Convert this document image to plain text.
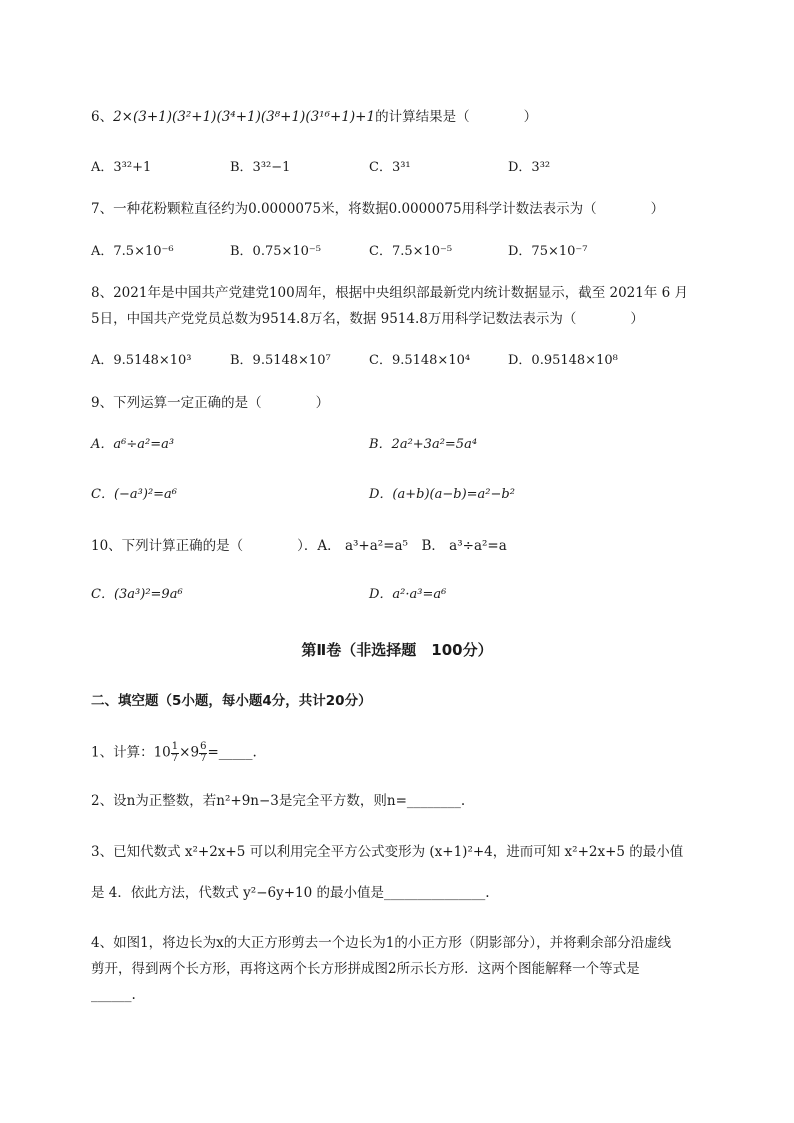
6、2×(3+1)(3²+1)(3⁴+1)(3⁸+1)(3¹⁶+1)+1的计算结果是（　　　　）
A．3³²+1	B．3³²−1	C．3³¹	D．3³²
7、一种花粉颗粒直径约为0.0000075米，将数据0.0000075用科学计数法表示为（　　　　）
A．7.5×10⁻⁶	B．0.75×10⁻⁵	C．7.5×10⁻⁵	D．75×10⁻⁷
8、2021年是中国共产党建党100周年，根据中央组织部最新党内统计数据显示，截至 2021年 6 月
5日，中国共产党党员总数为9514.8万名，数据 9514.8万用科学记数法表示为（　　　　）
A．9.5148×10³	B．9.5148×10⁷	C．9.5148×10⁴	D．0.95148×10⁸
9、下列运算一定正确的是（　　　　）
A．a⁶÷a²=a³	B．2a²+3a²=5a⁴
C．(−a³)²=a⁶	D．(a+b)(a−b)=a²−b²
10、下列计算正确的是（　　　　）．A． a³+a²=a⁵　B． a³÷a²=a
C．(3a³)²=9a⁶	D．a²·a³=a⁶
第Ⅱ卷（非选择题　100分）
二、填空题（5小题，每小题4分，共计20分）
1、计算：$10 \frac{1}{7} \times 9 \frac{6}{7}$ =_____.
2、设n为正整数，若n²+9n−3是完全平方数，则n=________.
3、已知代数式 x²+2x+5 可以利用完全平方公式变形为 (x+1)²+4，进而可知 x²+2x+5 的最小值
是 4．依此方法，代数式 y²−6y+10 的最小值是_______________.
4、如图1，将边长为x的大正方形剪去一个边长为1的小正方形（阴影部分），并将剩余部分沿虚线
剪开，得到两个长方形，再将这两个长方形拼成图2所示长方形．这两个图能解释一个等式是
______.
